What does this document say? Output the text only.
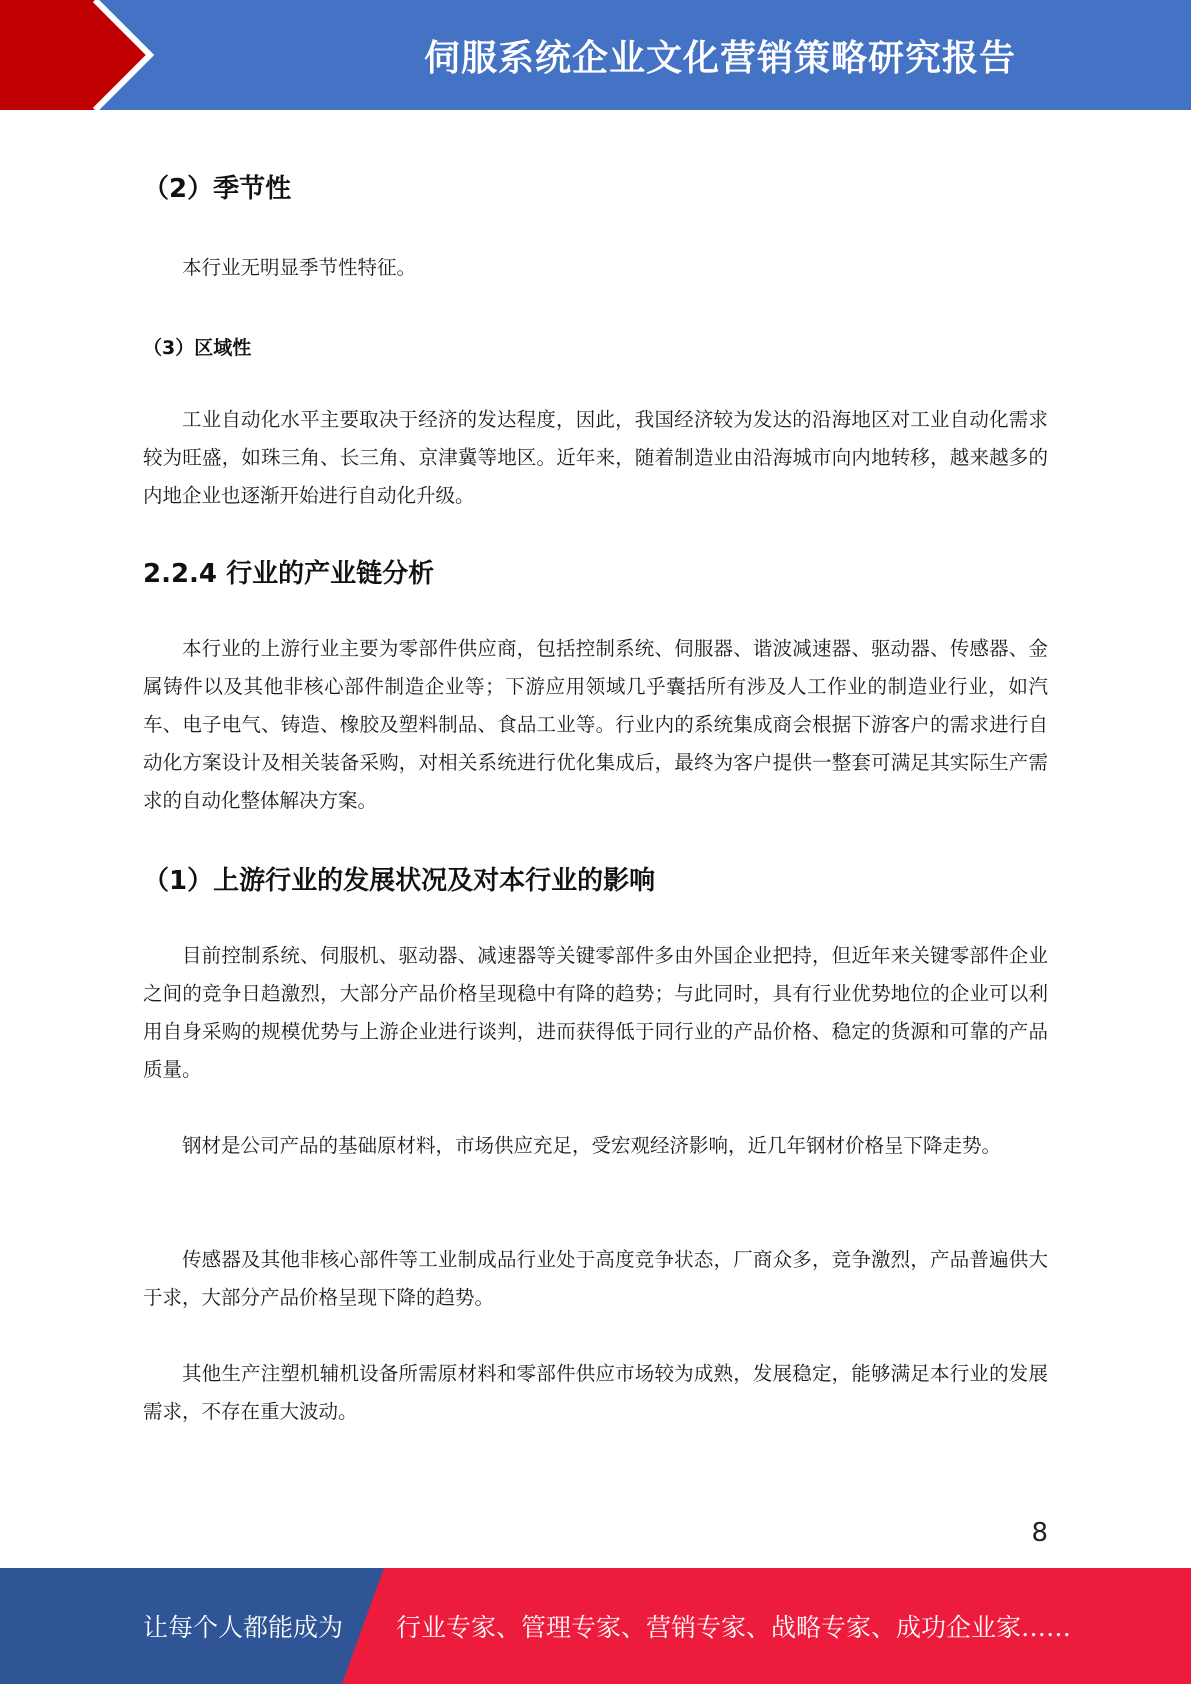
伺服系统企业文化营销策略研究报告
（2）季节性

本行业无明显季节性特征。

（3）区域性

工业自动化水平主要取决于经济的发达程度，因此，我国经济较为发达的沿海地区对工业自动化需求较为旺盛，如珠三角、长三角、京津冀等地区。近年来，随着制造业由沿海城市向内地转移，越来越多的内地企业也逐渐开始进行自动化升级。

2.2.4 行业的产业链分析

本行业的上游行业主要为零部件供应商，包括控制系统、伺服器、谐波减速器、驱动器、传感器、金属铸件以及其他非核心部件制造企业等；下游应用领域几乎囊括所有涉及人工作业的制造业行业，如汽车、电子电气、铸造、橡胶及塑料制品、食品工业等。行业内的系统集成商会根据下游客户的需求进行自动化方案设计及相关装备采购，对相关系统进行优化集成后，最终为客户提供一整套可满足其实际生产需求的自动化整体解决方案。

（1）上游行业的发展状况及对本行业的影响

目前控制系统、伺服机、驱动器、减速器等关键零部件多由外国企业把持，但近年来关键零部件企业之间的竞争日趋激烈，大部分产品价格呈现稳中有降的趋势；与此同时，具有行业优势地位的企业可以利用自身采购的规模优势与上游企业进行谈判，进而获得低于同行业的产品价格、稳定的货源和可靠的产品质量。

钢材是公司产品的基础原材料，市场供应充足，受宏观经济影响，近几年钢材价格呈下降走势。

传感器及其他非核心部件等工业制成品行业处于高度竞争状态，厂商众多，竞争激烈，产品普遍供大于求，大部分产品价格呈现下降的趋势。

其他生产注塑机辅机设备所需原材料和零部件供应市场较为成熟，发展稳定，能够满足本行业的发展需求，不存在重大波动。

8
让每个人都能成为 行业专家、管理专家、营销专家、战略专家、成功企业家……
